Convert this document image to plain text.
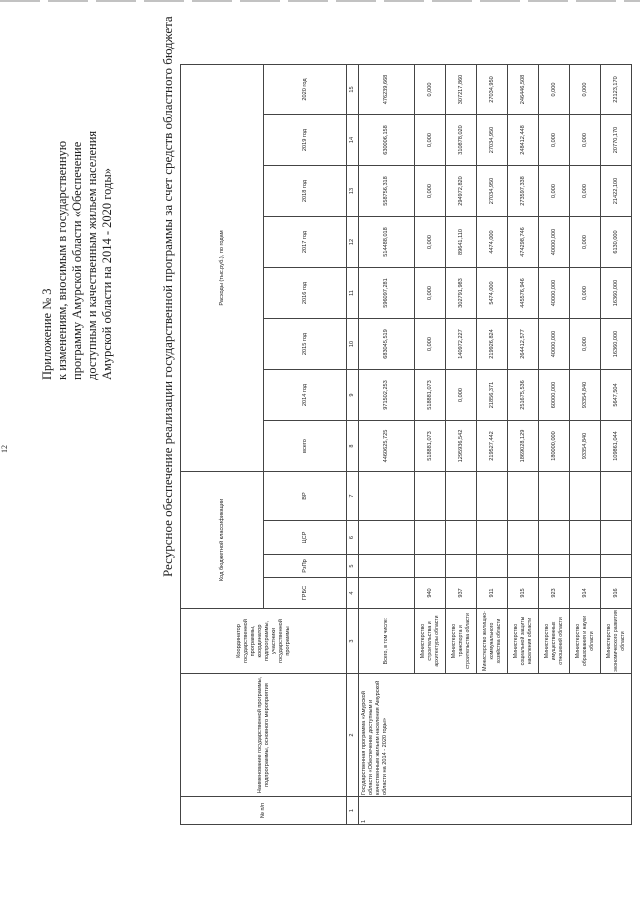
12
Приложение № 3 к изменениям, вносимым в государственную программу Амурской области «Обеспечение доступным и качественным жильем населения Амурской области на 2014 - 2020 годы»	Ресурсное обеспечение реализации государственной программы за счет средств областного бюджета
№ п/п	Наименование государственной программы, подпрограммы, основного мероприятия	Координатор государственной программы, координатор подпрограммы, участники государственной программы	Код бюджетной классификации				Расходы (тыс.руб.), по годам							
			ГРБС	РзПр	ЦСР	ВР	всего	2014 год	2015 год	2016 год	2017 год	2018 год	2019 год	2020 год
1	2	3	4	5	6	7	8	9	10	11	12	13	14	15
1	Государственная программа «Амурской области «Обеспечение доступным и качественным жильем населения Амурской области на 2014 - 2020 годы»	Всего, в том числе:					4460625,725	971502,253	683045,519	596097,281	514488,018	558756,318	630006,158	476239,668
		Министерство строительства и архитектуры области	940				518881,073	518881,073	0,000	0,000	0,000	0,000	0,000	0,000
		Министерство транспорта и строительства области	937				1295936,542	0,000	140972,227	302791,983	89641,110	294972,820	310878,020	307217,860
		Министерство жилищно-коммунального хозяйства области	911				219527,442	21856,371	219926,824	5474,000	4474,000	27034,950	27034,950	27034,950
		Министерство социальной защиты населения области	915				1869028,129	251675,536	264412,577	445576,946	474298,746	273597,338	248412,448	246446,508
		Министерство имущественных отношений области	923				180000,000	60000,000	40000,000	40000,000	40000,000	0,000	0,000	0,000
		Министерство образования и науки области	914				93354,840	93354,840	0,000	0,000	0,000	0,000	0,000	0,000
		Министерство экономического развития области	916				109861,044	5647,504	16360,000	16360,000	6130,000	21422,100	20770,170	22123,170
